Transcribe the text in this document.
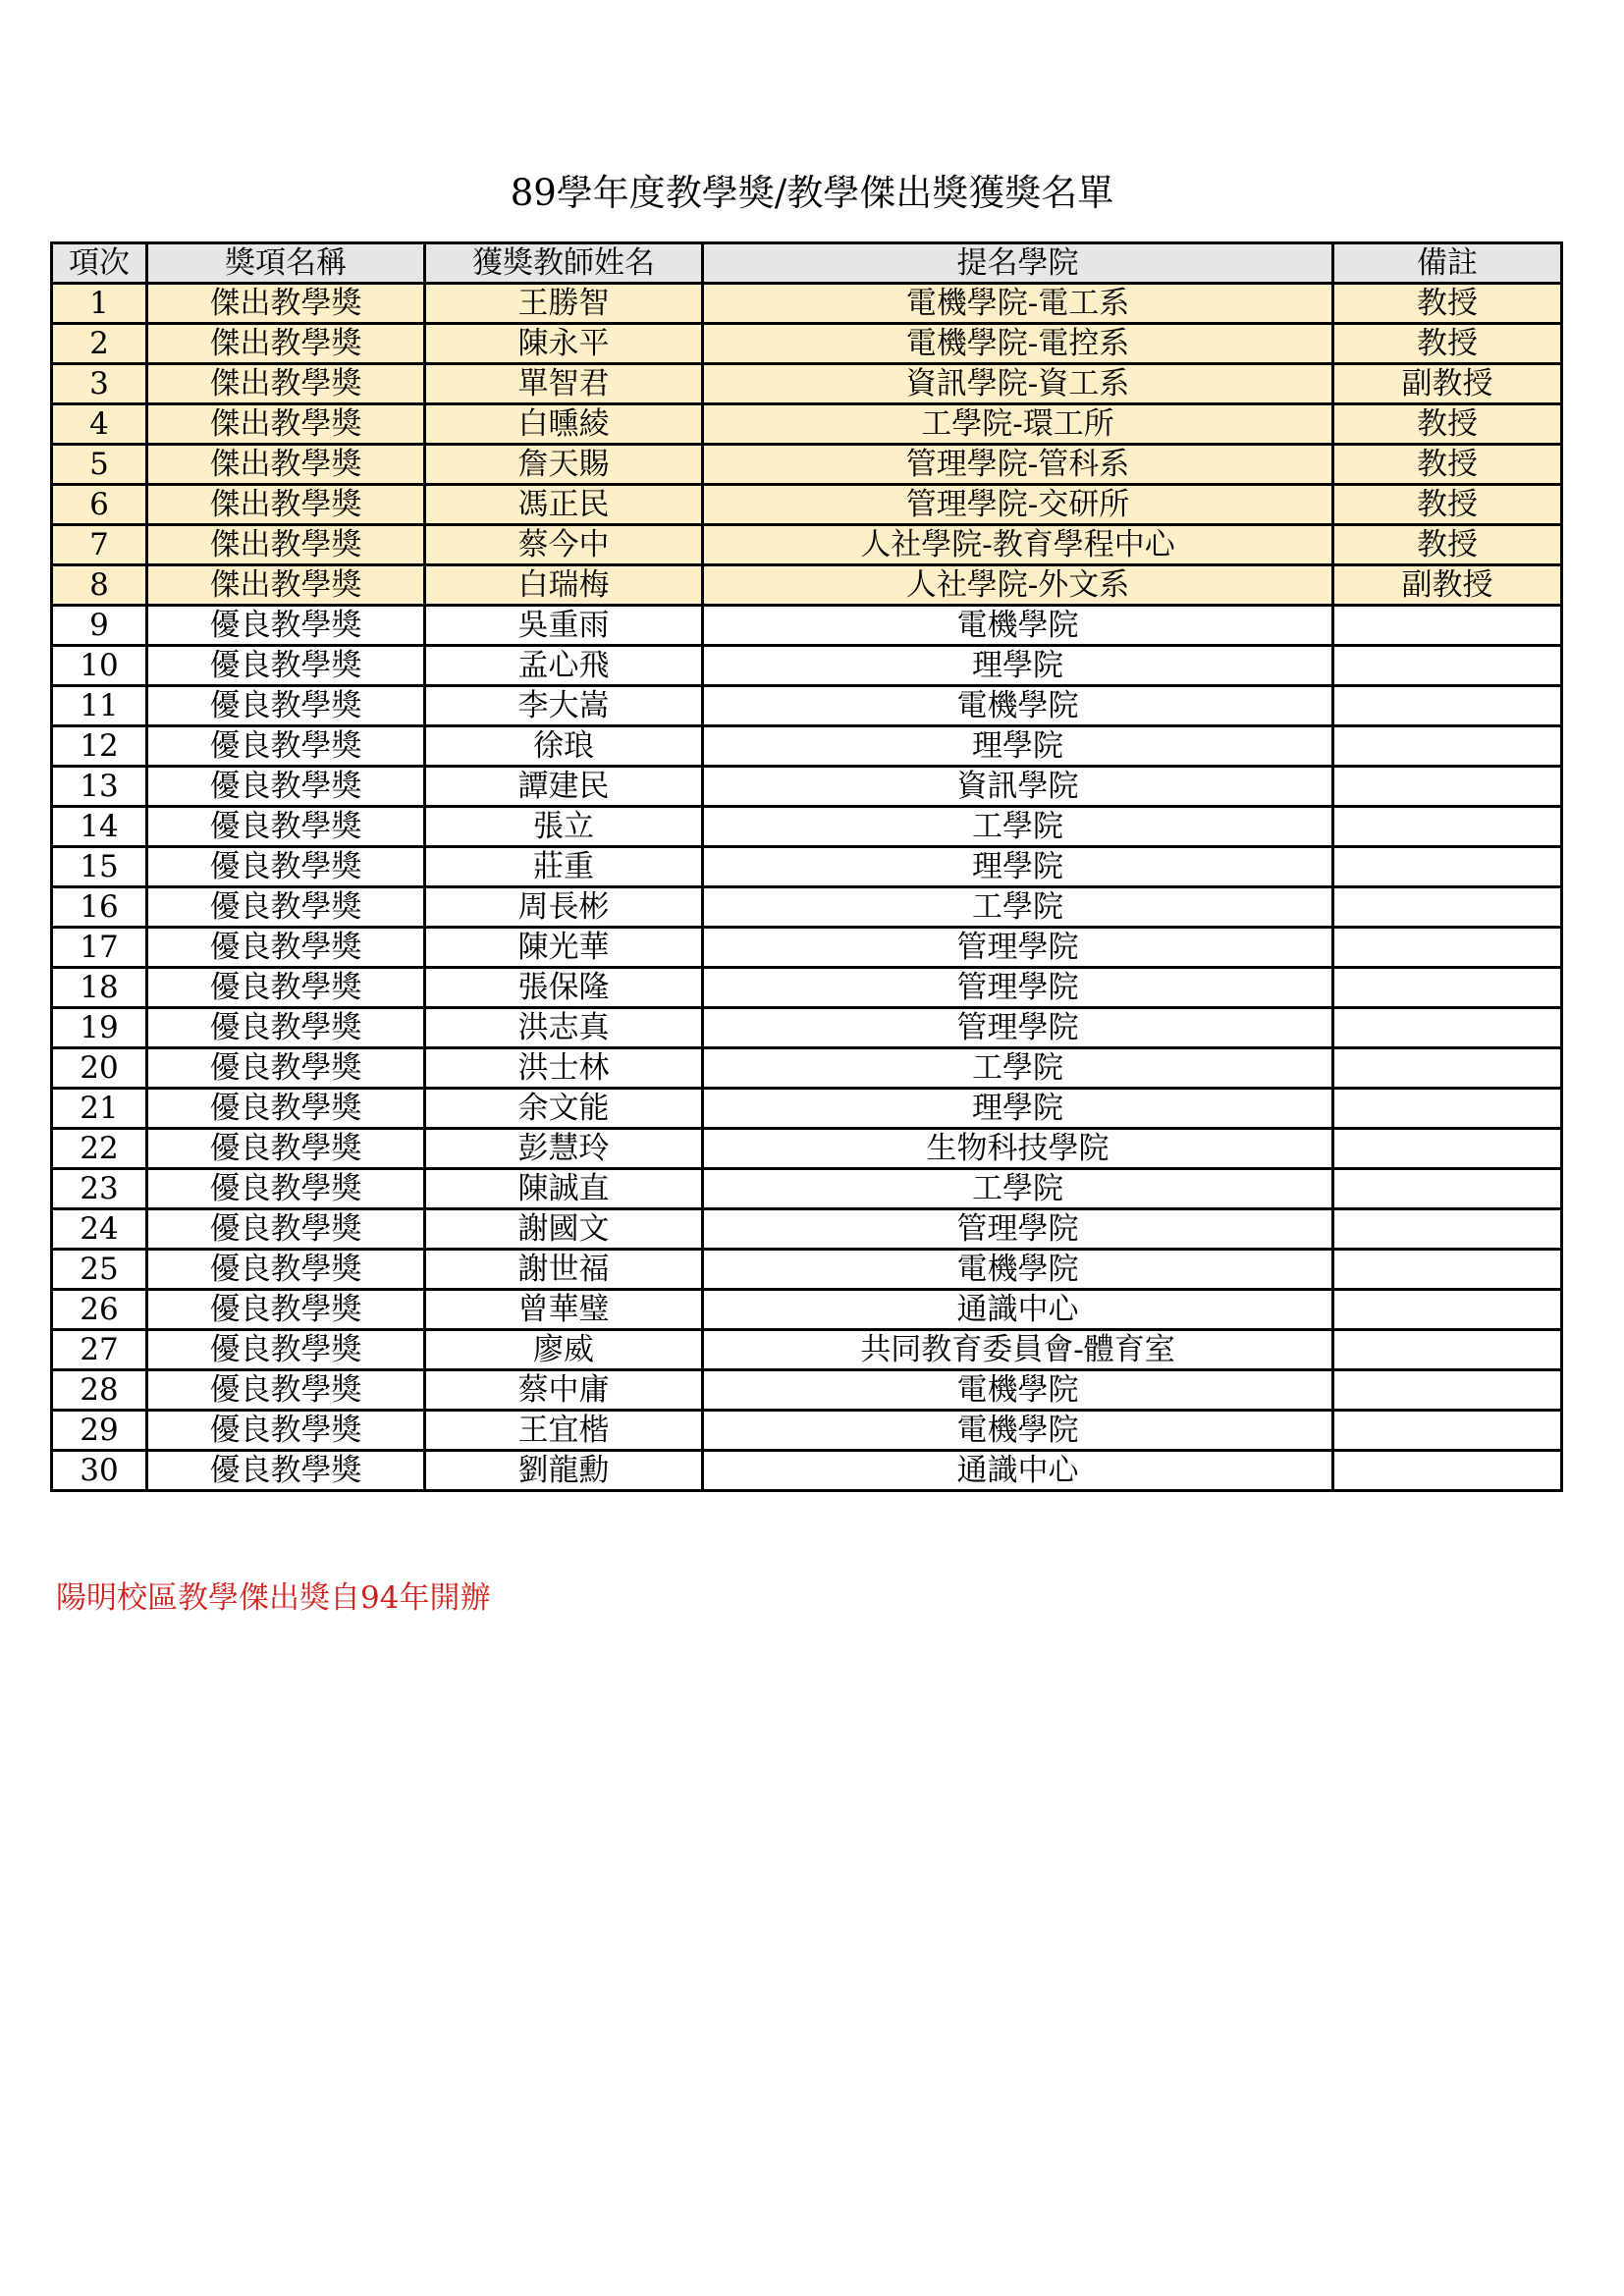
89學年度教學獎/教學傑出獎獲獎名單
項次	獎項名稱	獲獎教師姓名	提名學院	備註
1	傑出教學獎	王勝智	電機學院-電工系	教授
2	傑出教學獎	陳永平	電機學院-電控系	教授
3	傑出教學獎	單智君	資訊學院-資工系	副教授
4	傑出教學獎	白曛綾	工學院-環工所	教授
5	傑出教學獎	詹天賜	管理學院-管科系	教授
6	傑出教學獎	馮正民	管理學院-交研所	教授
7	傑出教學獎	蔡今中	人社學院-教育學程中心	教授
8	傑出教學獎	白瑞梅	人社學院-外文系	副教授
9	優良教學獎	吳重雨	電機學院	
10	優良教學獎	孟心飛	理學院	
11	優良教學獎	李大嵩	電機學院	
12	優良教學獎	徐琅	理學院	
13	優良教學獎	譚建民	資訊學院	
14	優良教學獎	張立	工學院	
15	優良教學獎	莊重	理學院	
16	優良教學獎	周長彬	工學院	
17	優良教學獎	陳光華	管理學院	
18	優良教學獎	張保隆	管理學院	
19	優良教學獎	洪志真	管理學院	
20	優良教學獎	洪士林	工學院	
21	優良教學獎	余文能	理學院	
22	優良教學獎	彭慧玲	生物科技學院	
23	優良教學獎	陳誠直	工學院	
24	優良教學獎	謝國文	管理學院	
25	優良教學獎	謝世福	電機學院	
26	優良教學獎	曾華璧	通識中心	
27	優良教學獎	廖威	共同教育委員會-體育室	
28	優良教學獎	蔡中庸	電機學院	
29	優良教學獎	王宜楷	電機學院	
30	優良教學獎	劉龍勳	通識中心	
陽明校區教學傑出獎自94年開辦
